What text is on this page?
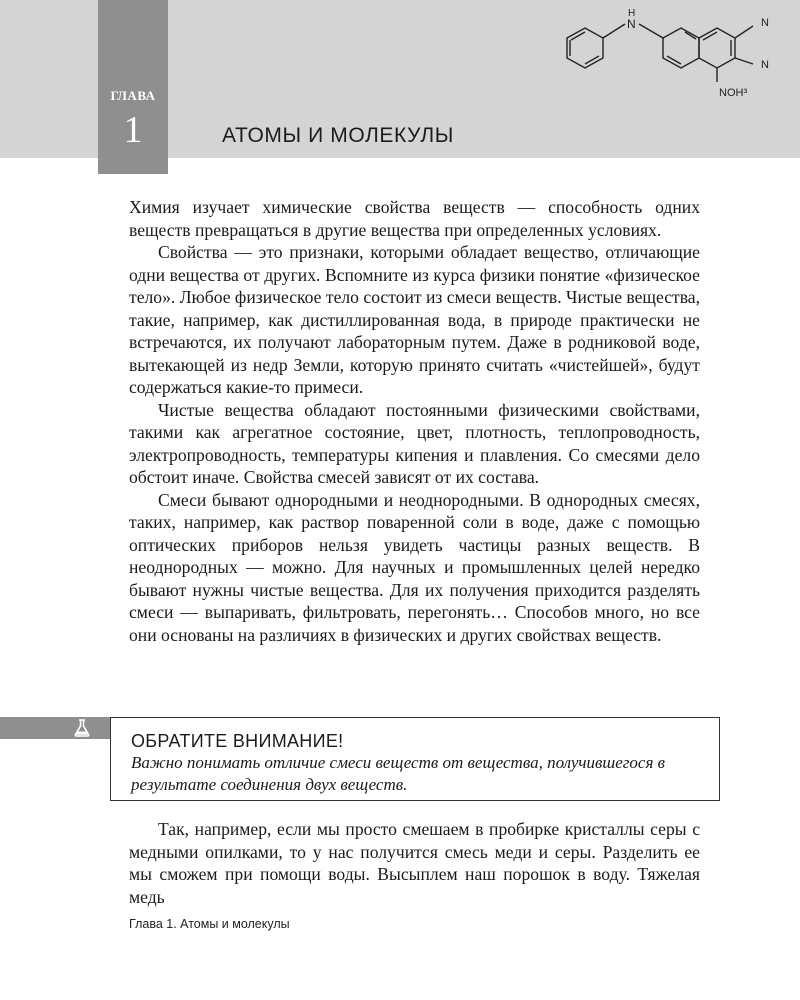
ГЛАВА
1	АТОМЫ И МОЛЕКУЛЫ
N
H
N
N
NOH³

Химия изучает химические свойства веществ — способность одних веществ превращаться в другие вещества при определенных условиях.

Свойства — это признаки, которыми обладает вещество, отличающие одни вещества от других. Вспомните из курса физики понятие «физическое тело». Любое физическое тело состоит из смеси веществ. Чистые вещества, такие, например, как дистиллированная вода, в природе практически не встречаются, их получают лабораторным путем. Даже в родниковой воде, вытекающей из недр Земли, которую принято считать «чистейшей», будут содержаться какие-то примеси.

Чистые вещества обладают постоянными физическими свойствами, такими как агрегатное состояние, цвет, плотность, теплопроводность, электропроводность, температуры кипения и плавления. Со смесями дело обстоит иначе. Свойства смесей зависят от их состава.

Смеси бывают однородными и неоднородными. В однородных смесях, таких, например, как раствор поваренной соли в воде, даже с помощью оптических приборов нельзя увидеть частицы разных веществ. В неоднородных — можно. Для научных и промышленных целей нередко бывают нужны чистые вещества. Для их получения приходится разделять смеси — выпаривать, фильтровать, перегонять… Способов много, но все они основаны на различиях в физических и других свойствах веществ.

ОБРАТИТЕ ВНИМАНИЕ!
Важно понимать отличие смеси веществ от вещества, получившегося в результате соединения двух веществ.

Так, например, если мы просто смешаем в пробирке кристаллы серы с медными опилками, то у нас получится смесь меди и серы. Разделить ее мы сможем при помощи воды. Высыплем наш порошок в воду. Тяжелая медь

Глава 1. Атомы и молекулы
